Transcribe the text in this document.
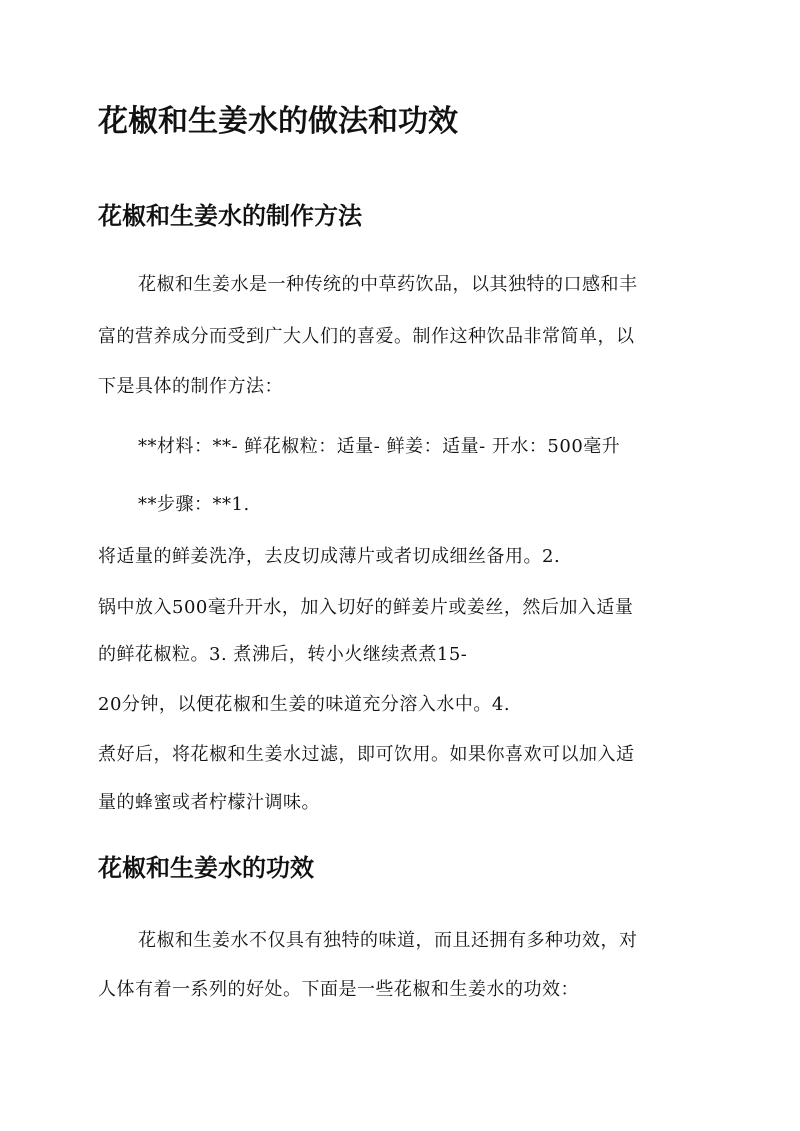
花椒和生姜水的做法和功效
花椒和生姜水的制作方法
花椒和生姜水是一种传统的中草药饮品，以其独特的口感和丰
富的营养成分而受到广大人们的喜爱。制作这种饮品非常简单，以
下是具体的制作方法：
**材料：**- 鲜花椒粒：适量- 鲜姜：适量- 开水：500毫升
**步骤：**1.
将适量的鲜姜洗净，去皮切成薄片或者切成细丝备用。2.
锅中放入500毫升开水，加入切好的鲜姜片或姜丝，然后加入适量
的鲜花椒粒。3. 煮沸后，转小火继续煮煮15-
20分钟，以便花椒和生姜的味道充分溶入水中。4.
煮好后，将花椒和生姜水过滤，即可饮用。如果你喜欢可以加入适
量的蜂蜜或者柠檬汁调味。
花椒和生姜水的功效
花椒和生姜水不仅具有独特的味道，而且还拥有多种功效，对
人体有着一系列的好处。下面是一些花椒和生姜水的功效：
